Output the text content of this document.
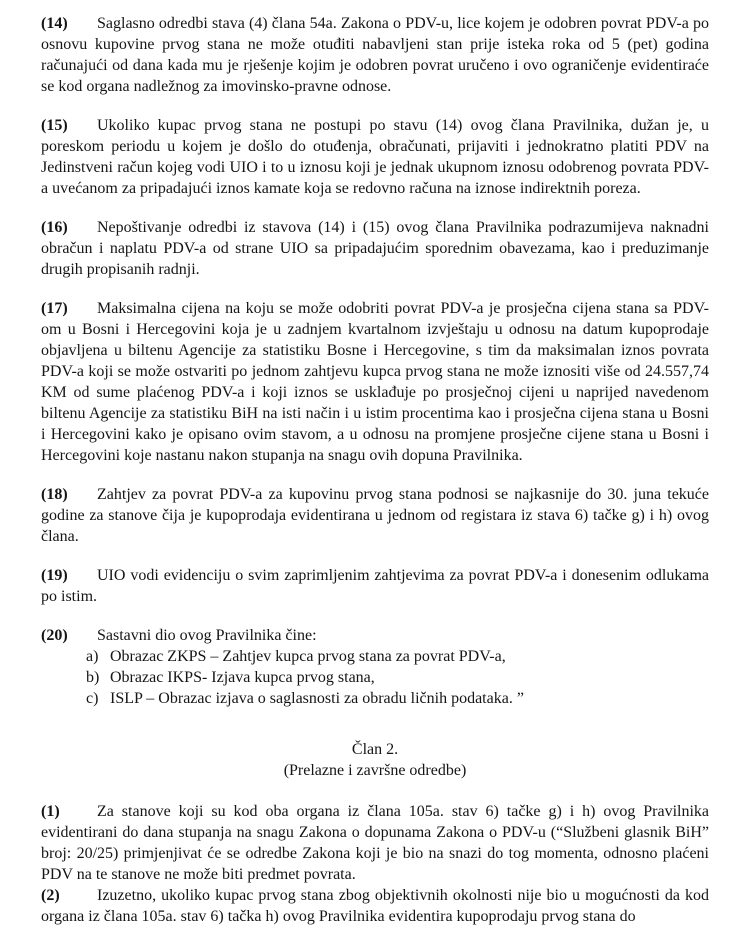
(14) Saglasno odredbi stava (4) člana 54a. Zakona o PDV-u, lice kojem je odobren povrat PDV-a po osnovu kupovine prvog stana ne može otuđiti nabavljeni stan prije isteka roka od 5 (pet) godina računajući od dana kada mu je rješenje kojim je odobren povrat uručeno i ovo ograničenje evidentiraće se kod organa nadležnog za imovinsko-pravne odnose.

(15) Ukoliko kupac prvog stana ne postupi po stavu (14) ovog člana Pravilnika, dužan je, u poreskom periodu u kojem je došlo do otuđenja, obračunati, prijaviti i jednokratno platiti PDV na Jedinstveni račun kojeg vodi UIO i to u iznosu koji je jednak ukupnom iznosu odobrenog povrata PDV-a uvećanom za pripadajući iznos kamate koja se redovno računa na iznose indirektnih poreza.

(16) Nepoštivanje odredbi iz stavova (14) i (15) ovog člana Pravilnika podrazumijeva naknadni obračun i naplatu PDV-a od strane UIO sa pripadajućim sporednim obavezama, kao i preduzimanje drugih propisanih radnji.

(17) Maksimalna cijena na koju se može odobriti povrat PDV-a je prosječna cijena stana sa PDV-om u Bosni i Hercegovini koja je u zadnjem kvartalnom izvještaju u odnosu na datum kupoprodaje objavljena u biltenu Agencije za statistiku Bosne i Hercegovine, s tim da maksimalan iznos povrata PDV-a koji se može ostvariti po jednom zahtjevu kupca prvog stana ne može iznositi više od 24.557,74 KM od sume plaćenog PDV-a i koji iznos se usklađuje po prosječnoj cijeni u naprijed navedenom biltenu Agencije za statistiku BiH na isti način i u istim procentima kao i prosječna cijena stana u Bosni i Hercegovini kako je opisano ovim stavom, a u odnosu na promjene prosječne cijene stana u Bosni i Hercegovini koje nastanu nakon stupanja na snagu ovih dopuna Pravilnika.

(18) Zahtjev za povrat PDV-a za kupovinu prvog stana podnosi se najkasnije do 30. juna tekuće godine za stanove čija je kupoprodaja evidentirana u jednom od registara iz stava 6) tačke g) i h) ovog člana.

(19) UIO vodi evidenciju o svim zaprimljenim zahtjevima za povrat PDV-a i donesenim odlukama po istim.

(20) Sastavni dio ovog Pravilnika čine:

a) Obrazac ZKPS – Zahtjev kupca prvog stana za povrat PDV-a,
b) Obrazac IKPS- Izjava kupca prvog stana,
c) ISLP – Obrazac izjava o saglasnosti za obradu ličnih podataka. ”
Član 2.
(Prelazne i završne odredbe)

(1) Za stanove koji su kod oba organa iz člana 105a. stav 6) tačke g) i h) ovog Pravilnika evidentirani do dana stupanja na snagu Zakona o dopunama Zakona o PDV-u (“Službeni glasnik BiH” broj: 20/25) primjenjivat će se odredbe Zakona koji je bio na snazi do tog momenta, odnosno plaćeni PDV na te stanove ne može biti predmet povrata.

(2) Izuzetno, ukoliko kupac prvog stana zbog objektivnih okolnosti nije bio u mogućnosti da kod organa iz člana 105a. stav 6) tačka h) ovog Pravilnika evidentira kupoprodaju prvog stana do
